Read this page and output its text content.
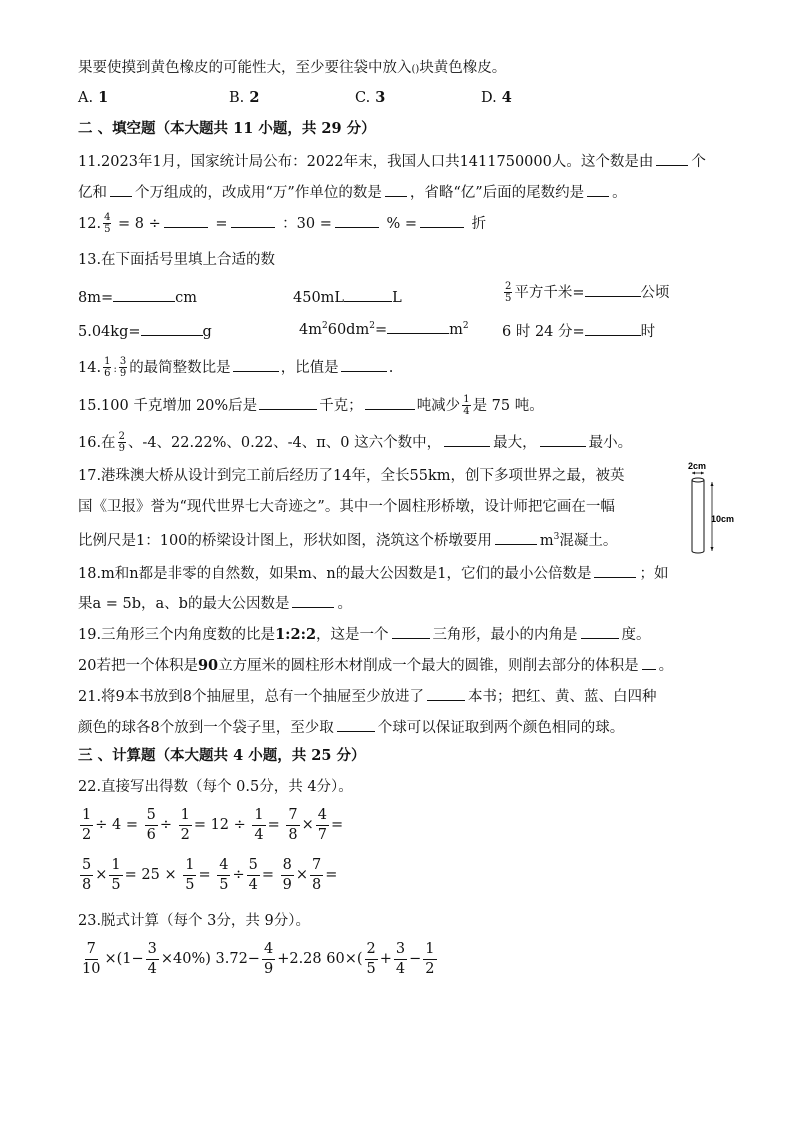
果要使摸到黄色橡皮的可能性大，至少要往袋中放入()块黄色橡皮。
A. 1	B. 2	C. 3	D. 4
二 、填空题（本大题共 11 小题，共 29 分）
11.2023年1月，国家统计局公布：2022年末，我国人口共1411750000人。这个数是由	个
亿和 个万组成的，改成用“万”作单位的数是 ，省略“亿”后面的尾数约是 。
12. $\frac{4}{5} = 8$ ÷	=	：30 =	% =	折
13.在下面括号里填上合适的数
8m=	cm	450mL	L	$\frac{2}{5}$ 平方千米=	公顷
5.04kg=	g	$4m^260dm^2=$	$m^2$ 6 时 24 分=	时
14. $\frac{1}{6}$ : $\frac{3}{9}$ 的最简整数比是	，比值是	.
15.100 千克增加 20%后是	千克；	吨减少 $\frac{1}{4}$ 是 75 吨。
16.在 $\frac{2}{9}$ 、-4、22.22%、0.22、-4、π、0 这六个数中，	最大，	最小。
17.港珠澳大桥从设计到完工前后经历了14年，全长55km，创下多项世界之最，被英
国《卫报》誉为“现代世界七大奇迹之”。其中一个圆柱形桥墩，设计师把它画在一幅
比例尺是1：100的桥梁设计图上，形状如图，浇筑这个桥墩要用	$m^3$混凝土。
2cm
10cm
18.m和n都是非零的自然数，如果m、n的最大公因数是1，它们的最小公倍数是	；如
果a = 5b，a、b的最大公因数是	。
19.三角形三个内角度数的比是1:2:2，这是一个	三角形，最小的内角是	度。
20若把一个体积是90立方厘米的圆柱形木材削成一个最大的圆锥，则削去部分的体积是 。
21.将9本书放到8个抽屉里，总有一个抽屉至少放进了	本书；把红、黄、蓝、白四种
颜色的球各8个放到一个袋子里，至少取	个球可以保证取到两个颜色相同的球。
三 、计算题（本大题共 4 小题，共 25 分）
22.直接写出得数（每个 0.5分，共 4分）。
$\frac{1}{2} \div 4 = \frac{5}{6} \div \frac{1}{2} = 12 \div \frac{1}{4} = \frac{7}{8} \times \frac{4}{7}$ =
$\frac{5}{8} \times \frac{1}{5} = 25 \times \frac{1}{5} = \frac{4}{5} \div \frac{5}{4} = \frac{8}{9} \times \frac{7}{8}$ =
23.脱式计算（每个 3分，共 9分）。
$\frac{7}{10} \times(1- \frac{3}{4} \times 40\%)$ $3.72- \frac{4}{9} +2.28$ $60\times( \frac{2}{5} + \frac{3}{4} - \frac{1}{2}$
